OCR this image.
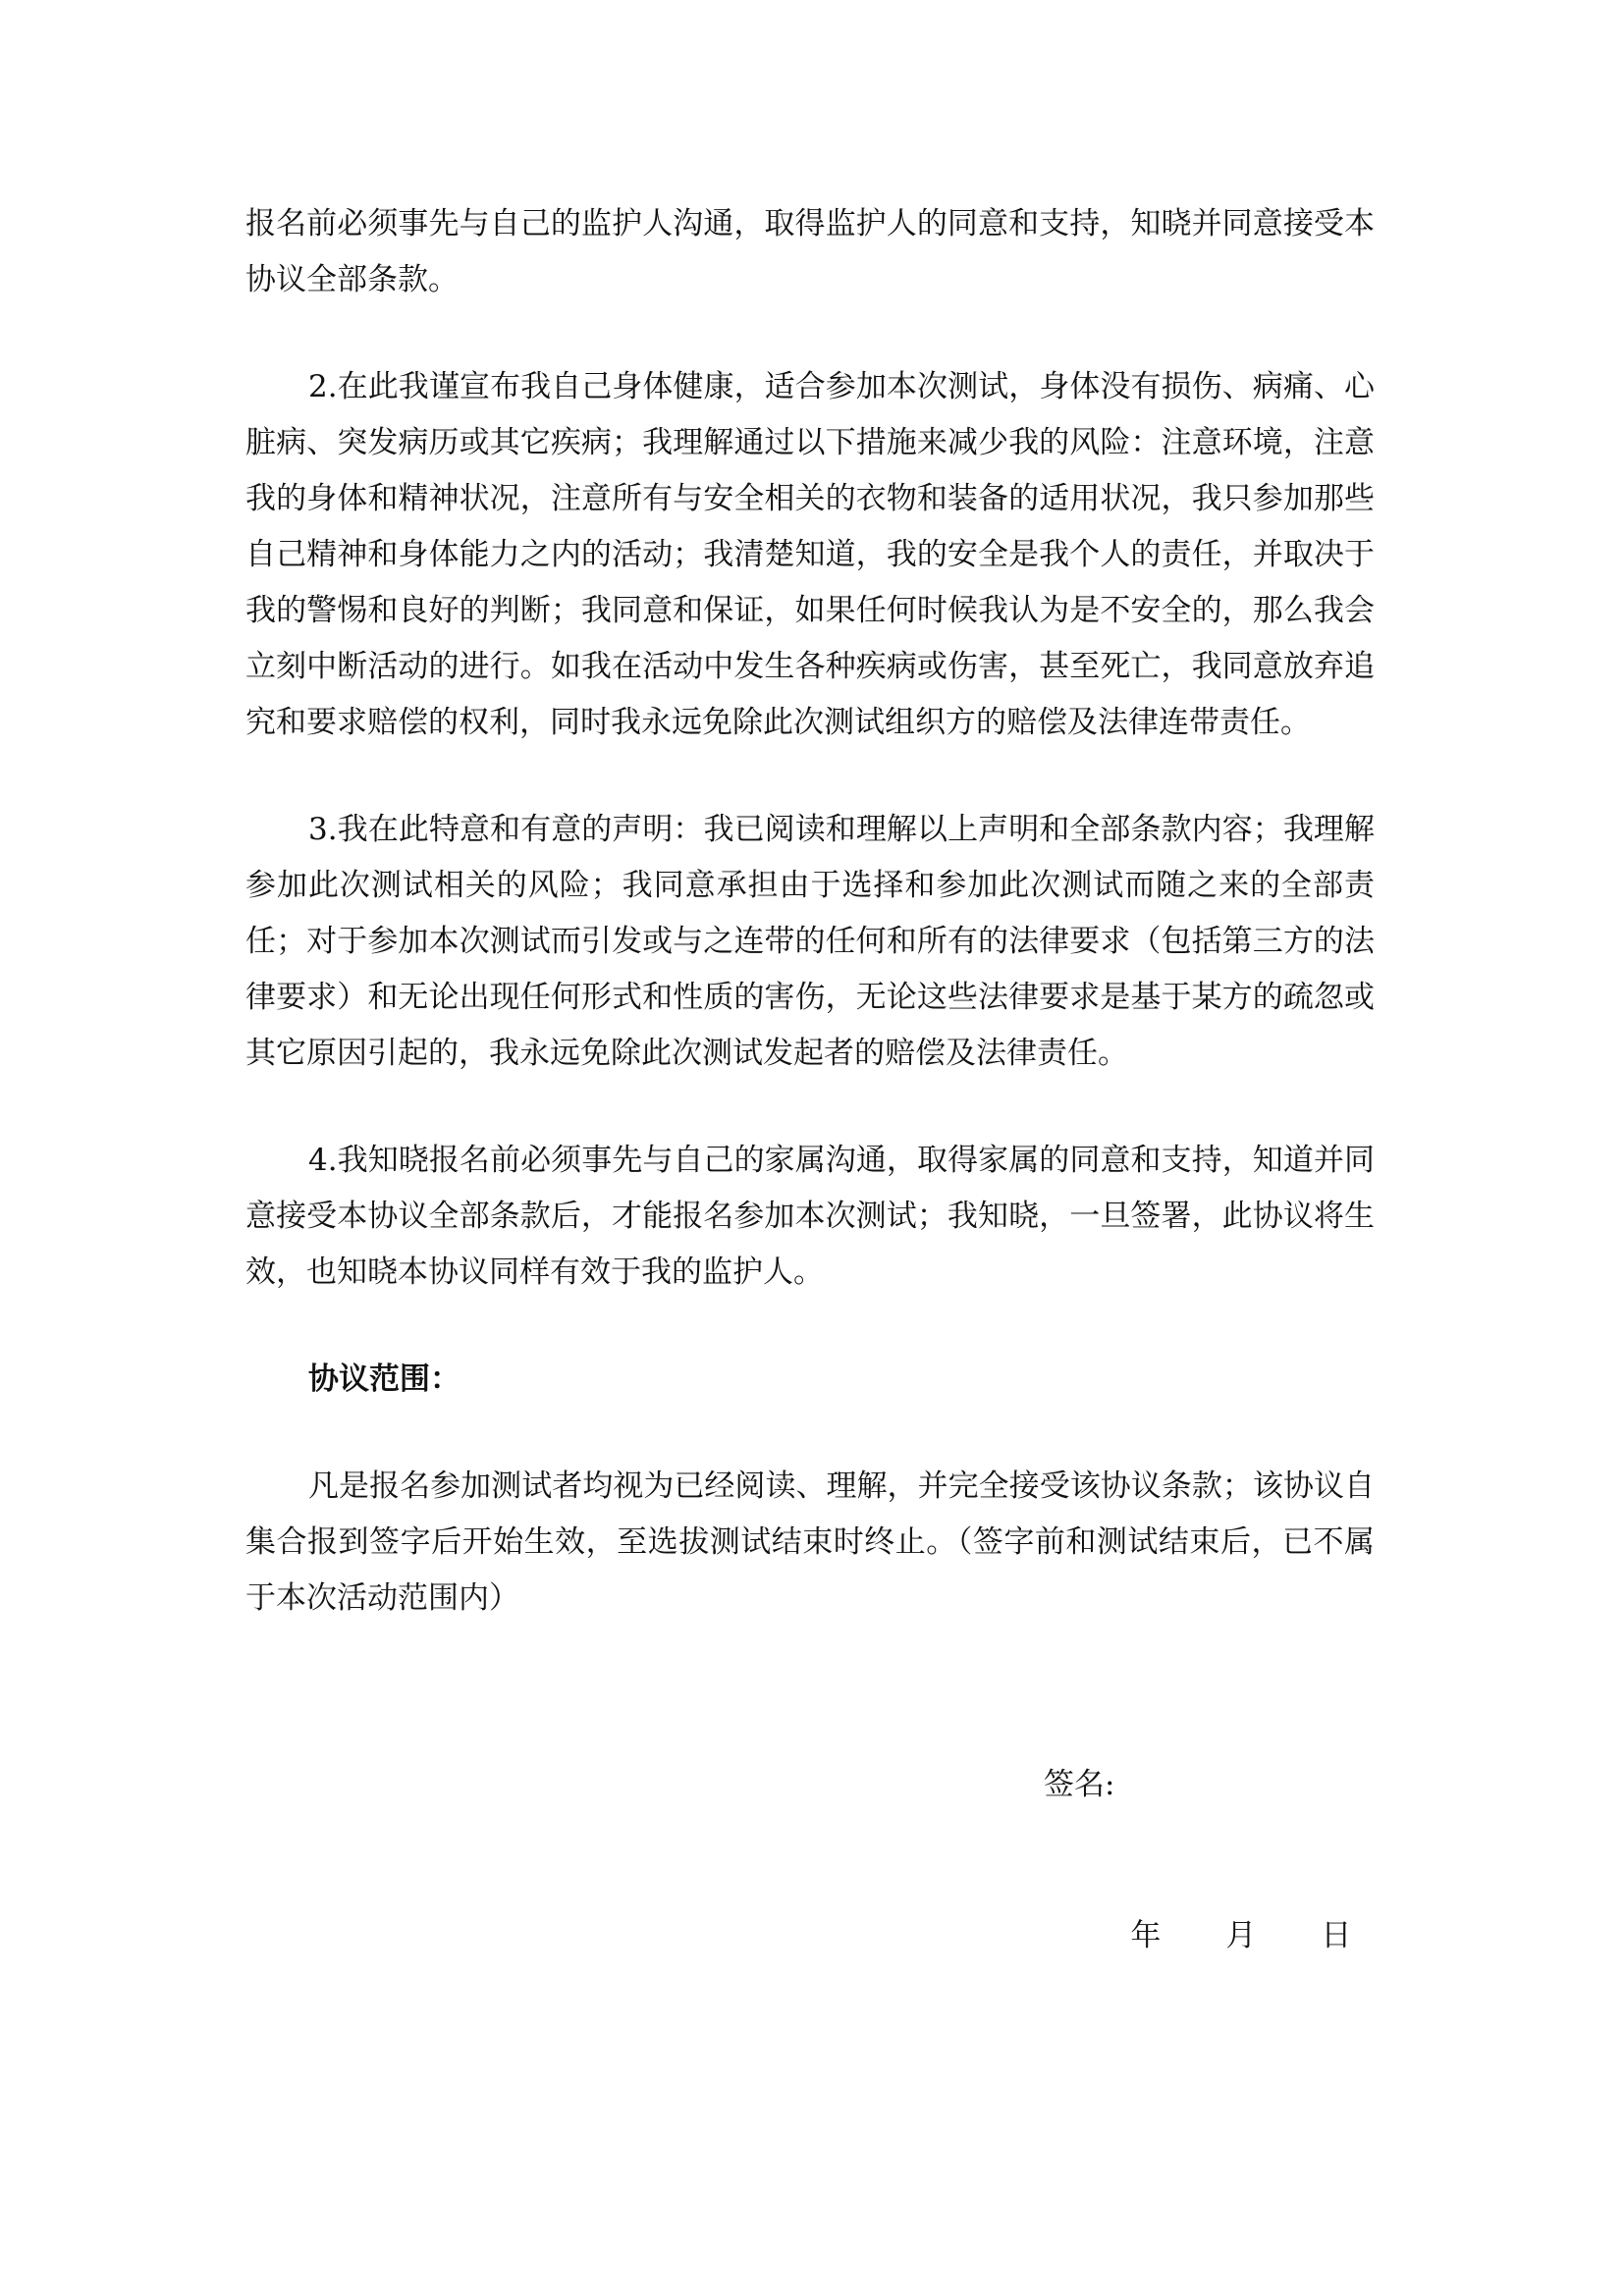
报名前必须事先与自己的监护人沟通，取得监护人的同意和支持，知晓并同意接受本协议全部条款。

2.在此我谨宣布我自己身体健康，适合参加本次测试，身体没有损伤、病痛、心脏病、突发病历或其它疾病；我理解通过以下措施来减少我的风险：注意环境，注意我的身体和精神状况，注意所有与安全相关的衣物和装备的适用状况，我只参加那些自己精神和身体能力之内的活动；我清楚知道，我的安全是我个人的责任，并取决于我的警惕和良好的判断；我同意和保证，如果任何时候我认为是不安全的，那么我会立刻中断活动的进行。如我在活动中发生各种疾病或伤害，甚至死亡，我同意放弃追究和要求赔偿的权利，同时我永远免除此次测试组织方的赔偿及法律连带责任。

3.我在此特意和有意的声明：我已阅读和理解以上声明和全部条款内容；我理解参加此次测试相关的风险；我同意承担由于选择和参加此次测试而随之来的全部责任；对于参加本次测试而引发或与之连带的任何和所有的法律要求（包括第三方的法律要求）和无论出现任何形式和性质的害伤，无论这些法律要求是基于某方的疏忽或其它原因引起的，我永远免除此次测试发起者的赔偿及法律责任。

4.我知晓报名前必须事先与自己的家属沟通，取得家属的同意和支持，知道并同意接受本协议全部条款后，才能报名参加本次测试；我知晓，一旦签署，此协议将生效，也知晓本协议同样有效于我的监护人。

协议范围：

凡是报名参加测试者均视为已经阅读、理解，并完全接受该协议条款；该协议自集合报到签字后开始生效，至选拔测试结束时终止。（签字前和测试结束后，已不属于本次活动范围内）

签名:

年 月 日
